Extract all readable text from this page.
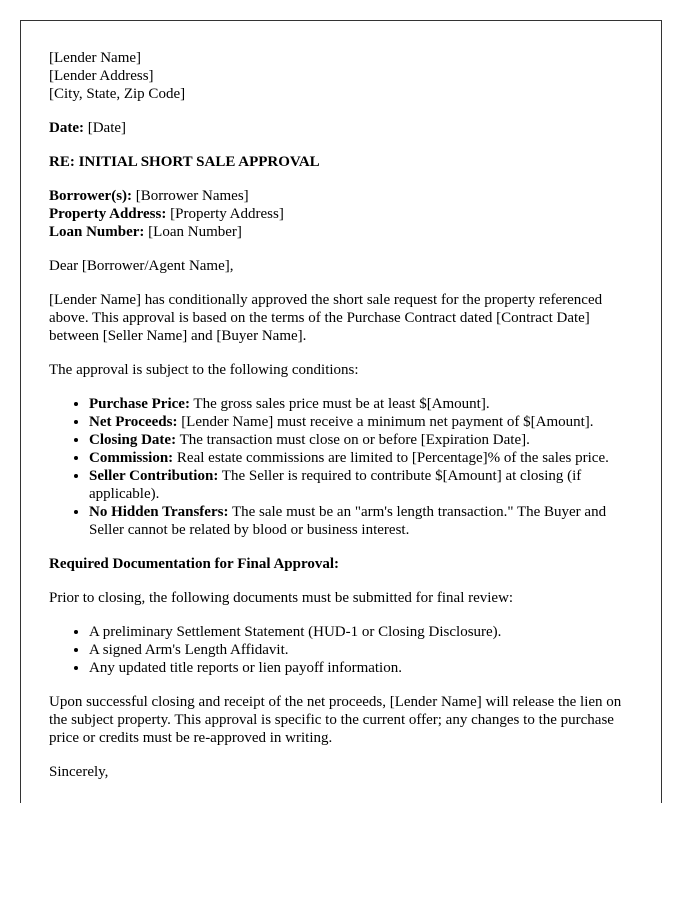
[Lender Name]
[Lender Address]
[City, State, Zip Code]

Date: [Date]

RE: INITIAL SHORT SALE APPROVAL

Borrower(s): [Borrower Names]
Property Address: [Property Address]
Loan Number: [Loan Number]

Dear [Borrower/Agent Name],

[Lender Name] has conditionally approved the short sale request for the property referenced above. This approval is based on the terms of the Purchase Contract dated [Contract Date] between [Seller Name] and [Buyer Name].

The approval is subject to the following conditions:

• Purchase Price: The gross sales price must be at least $[Amount].
• Net Proceeds: [Lender Name] must receive a minimum net payment of $[Amount].
• Closing Date: The transaction must close on or before [Expiration Date].
• Commission: Real estate commissions are limited to [Percentage]% of the sales price.
• Seller Contribution: The Seller is required to contribute $[Amount] at closing (if applicable).
• No Hidden Transfers: The sale must be an "arm's length transaction." The Buyer and Seller cannot be related by blood or business interest.

Required Documentation for Final Approval:

Prior to closing, the following documents must be submitted for final review:

• A preliminary Settlement Statement (HUD-1 or Closing Disclosure).
• A signed Arm's Length Affidavit.
• Any updated title reports or lien payoff information.

Upon successful closing and receipt of the net proceeds, [Lender Name] will release the lien on the subject property. This approval is specific to the current offer; any changes to the purchase price or credits must be re-approved in writing.

Sincerely,
